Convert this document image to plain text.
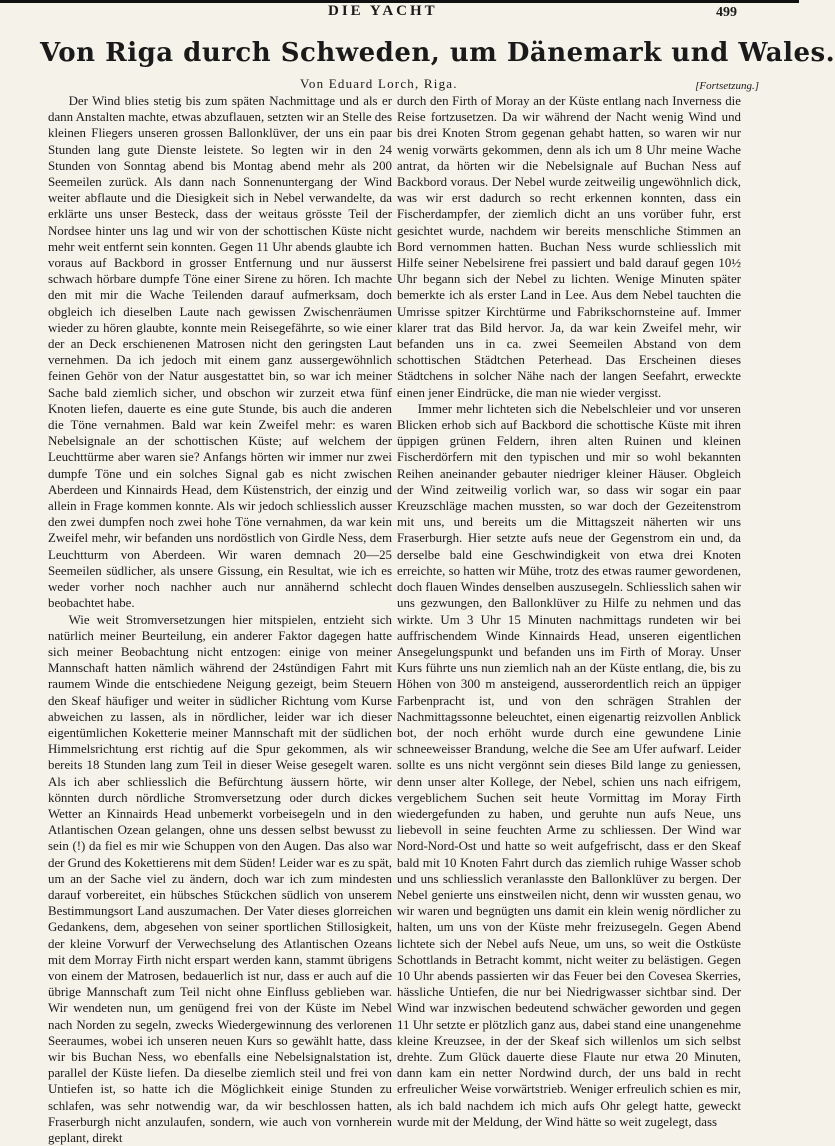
DIE YACHT	499
Von Riga durch Schweden, um Dänemark und Wales.
Von Eduard Lorch, Riga.	[Fortsetzung.]

Der Wind blies stetig bis zum späten Nachmittage und als er dann Anstalten machte, etwas abzuflauen, setzten wir an Stelle des kleinen Fliegers unseren grossen Ballonklüver, der uns ein paar Stunden lang gute Dienste leistete. So legten wir in den 24 Stunden von Sonntag abend bis Montag abend mehr als 200 Seemeilen zurück. Als dann nach Sonnenuntergang der Wind weiter abflaute und die Diesigkeit sich in Nebel verwandelte, da erklärte uns unser Besteck, dass der weitaus grösste Teil der Nordsee hinter uns lag und wir von der schottischen Küste nicht mehr weit entfernt sein konnten. Gegen 11 Uhr abends glaubte ich voraus auf Backbord in grosser Entfernung und nur äusserst schwach hörbare dumpfe Töne einer Sirene zu hören. Ich machte den mit mir die Wache Teilenden darauf aufmerksam, doch obgleich ich dieselben Laute nach gewissen Zwischenräumen wieder zu hören glaubte, konnte mein Reisegefährte, so wie einer der an Deck erschienenen Matrosen nicht den geringsten Laut vernehmen. Da ich jedoch mit einem ganz aussergewöhnlich feinen Gehör von der Natur ausgestattet bin, so war ich meiner Sache bald ziemlich sicher, und obschon wir zurzeit etwa fünf Knoten liefen, dauerte es eine gute Stunde, bis auch die anderen die Töne vernahmen. Bald war kein Zweifel mehr: es waren Nebelsignale an der schottischen Küste; auf welchem der Leuchttürme aber waren sie? Anfangs hörten wir immer nur zwei dumpfe Töne und ein solches Signal gab es nicht zwischen Aberdeen und Kinnairds Head, dem Küstenstrich, der einzig und allein in Frage kommen konnte. Als wir jedoch schliesslich ausser den zwei dumpfen noch zwei hohe Töne vernahmen, da war kein Zweifel mehr, wir befanden uns nordöstlich von Girdle Ness, dem Leuchtturm von Aberdeen. Wir waren demnach 20—25 Seemeilen südlicher, als unsere Gissung, ein Resultat, wie ich es weder vorher noch nachher auch nur annähernd schlecht beobachtet habe.

Wie weit Stromversetzungen hier mitspielen, entzieht sich natürlich meiner Beurteilung, ein anderer Faktor dagegen hatte sich meiner Beobachtung nicht entzogen: einige von meiner Mannschaft hatten nämlich während der 24stündigen Fahrt mit raumem Winde die entschiedene Neigung gezeigt, beim Steuern den Skeaf häufiger und weiter in südlicher Richtung vom Kurse abweichen zu lassen, als in nördlicher, leider war ich dieser eigentümlichen Koketterie meiner Mannschaft mit der südlichen Himmelsrichtung erst richtig auf die Spur gekommen, als wir bereits 18 Stunden lang zum Teil in dieser Weise gesegelt waren. Als ich aber schliesslich die Befürchtung äussern hörte, wir könnten durch nördliche Stromversetzung oder durch dickes Wetter an Kinnairds Head unbemerkt vorbeisegeln und in den Atlantischen Ozean gelangen, ohne uns dessen selbst bewusst zu sein (!) da fiel es mir wie Schuppen von den Augen. Das also war der Grund des Kokettierens mit dem Süden! Leider war es zu spät, um an der Sache viel zu ändern, doch war ich zum mindesten darauf vorbereitet, ein hübsches Stückchen südlich von unserem Bestimmungsort Land auszumachen. Der Vater dieses glorreichen Gedankens, dem, abgesehen von seiner sportlichen Stillosigkeit, der kleine Vorwurf der Verwechselung des Atlantischen Ozeans mit dem Morray Firth nicht erspart werden kann, stammt übrigens von einem der Matrosen, bedauerlich ist nur, dass er auch auf die übrige Mannschaft zum Teil nicht ohne Einfluss geblieben war. Wir wendeten nun, um genügend frei von der Küste im Nebel nach Norden zu segeln, zwecks Wiedergewinnung des verlorenen Seeraumes, wobei ich unseren neuen Kurs so gewählt hatte, dass wir bis Buchan Ness, wo ebenfalls eine Nebelsignalstation ist, parallel der Küste liefen. Da dieselbe ziemlich steil und frei von Untiefen ist, so hatte ich die Möglichkeit einige Stunden zu schlafen, was sehr notwendig war, da wir beschlossen hatten, Fraserburgh nicht anzulaufen, sondern, wie auch von vornherein geplant, direkt

durch den Firth of Moray an der Küste entlang nach Inverness die Reise fortzusetzen. Da wir während der Nacht wenig Wind und bis drei Knoten Strom gegenan gehabt hatten, so waren wir nur wenig vorwärts gekommen, denn als ich um 8 Uhr meine Wache antrat, da hörten wir die Nebelsignale auf Buchan Ness auf Backbord voraus. Der Nebel wurde zeitweilig ungewöhnlich dick, was wir erst dadurch so recht erkennen konnten, dass ein Fischerdampfer, der ziemlich dicht an uns vorüber fuhr, erst gesichtet wurde, nachdem wir bereits menschliche Stimmen an Bord vernommen hatten. Buchan Ness wurde schliesslich mit Hilfe seiner Nebelsirene frei passiert und bald darauf gegen 10½ Uhr begann sich der Nebel zu lichten. Wenige Minuten später bemerkte ich als erster Land in Lee. Aus dem Nebel tauchten die Umrisse spitzer Kirchtürme und Fabrikschornsteine auf. Immer klarer trat das Bild hervor. Ja, da war kein Zweifel mehr, wir befanden uns in ca. zwei Seemeilen Abstand von dem schottischen Städtchen Peterhead. Das Erscheinen dieses Städtchens in solcher Nähe nach der langen Seefahrt, erweckte einen jener Eindrücke, die man nie wieder vergisst.

Immer mehr lichteten sich die Nebelschleier und vor unseren Blicken erhob sich auf Backbord die schottische Küste mit ihren üppigen grünen Feldern, ihren alten Ruinen und kleinen Fischerdörfern mit den typischen und mir so wohl bekannten Reihen aneinander gebauter niedriger kleiner Häuser. Obgleich der Wind zeitweilig vorlich war, so dass wir sogar ein paar Kreuzschläge machen mussten, so war doch der Gezeitenstrom mit uns, und bereits um die Mittagszeit näherten wir uns Fraserburgh. Hier setzte aufs neue der Gegenstrom ein und, da derselbe bald eine Geschwindigkeit von etwa drei Knoten erreichte, so hatten wir Mühe, trotz des etwas raumer gewordenen, doch flauen Windes denselben auszusegeln. Schliesslich sahen wir uns gezwungen, den Ballonklüver zu Hilfe zu nehmen und das wirkte. Um 3 Uhr 15 Minuten nachmittags rundeten wir bei auffrischendem Winde Kinnairds Head, unseren eigentlichen Ansegelungspunkt und befanden uns im Firth of Moray. Unser Kurs führte uns nun ziemlich nah an der Küste entlang, die, bis zu Höhen von 300 m ansteigend, ausserordentlich reich an üppiger Farbenpracht ist, und von den schrägen Strahlen der Nachmittagssonne beleuchtet, einen eigenartig reizvollen Anblick bot, der noch erhöht wurde durch eine gewundene Linie schneeweisser Brandung, welche die See am Ufer aufwarf. Leider sollte es uns nicht vergönnt sein dieses Bild lange zu geniessen, denn unser alter Kollege, der Nebel, schien uns nach eifrigem, vergeblichem Suchen seit heute Vormittag im Moray Firth wiedergefunden zu haben, und geruhte nun aufs Neue, uns liebevoll in seine feuchten Arme zu schliessen. Der Wind war Nord-Nord-Ost und hatte so weit aufgefrischt, dass er den Skeaf bald mit 10 Knoten Fahrt durch das ziemlich ruhige Wasser schob und uns schliesslich veranlasste den Ballonklüver zu bergen. Der Nebel genierte uns einstweilen nicht, denn wir wussten genau, wo wir waren und begnügten uns damit ein klein wenig nördlicher zu halten, um uns von der Küste mehr freizusegeln. Gegen Abend lichtete sich der Nebel aufs Neue, um uns, so weit die Ostküste Schottlands in Betracht kommt, nicht weiter zu belästigen. Gegen 10 Uhr abends passierten wir das Feuer bei den Covesea Skerries, hässliche Untiefen, die nur bei Niedrigwasser sichtbar sind. Der Wind war inzwischen bedeutend schwächer geworden und gegen 11 Uhr setzte er plötzlich ganz aus, dabei stand eine unangenehme kleine Kreuzsee, in der der Skeaf sich willenlos um sich selbst drehte. Zum Glück dauerte diese Flaute nur etwa 20 Minuten, dann kam ein netter Nordwind durch, der uns bald in recht erfreulicher Weise vorwärtstrieb. Weniger erfreulich schien es mir, als ich bald nachdem ich mich aufs Ohr gelegt hatte, geweckt wurde mit der Meldung, der Wind hätte so weit zugelegt, dass
